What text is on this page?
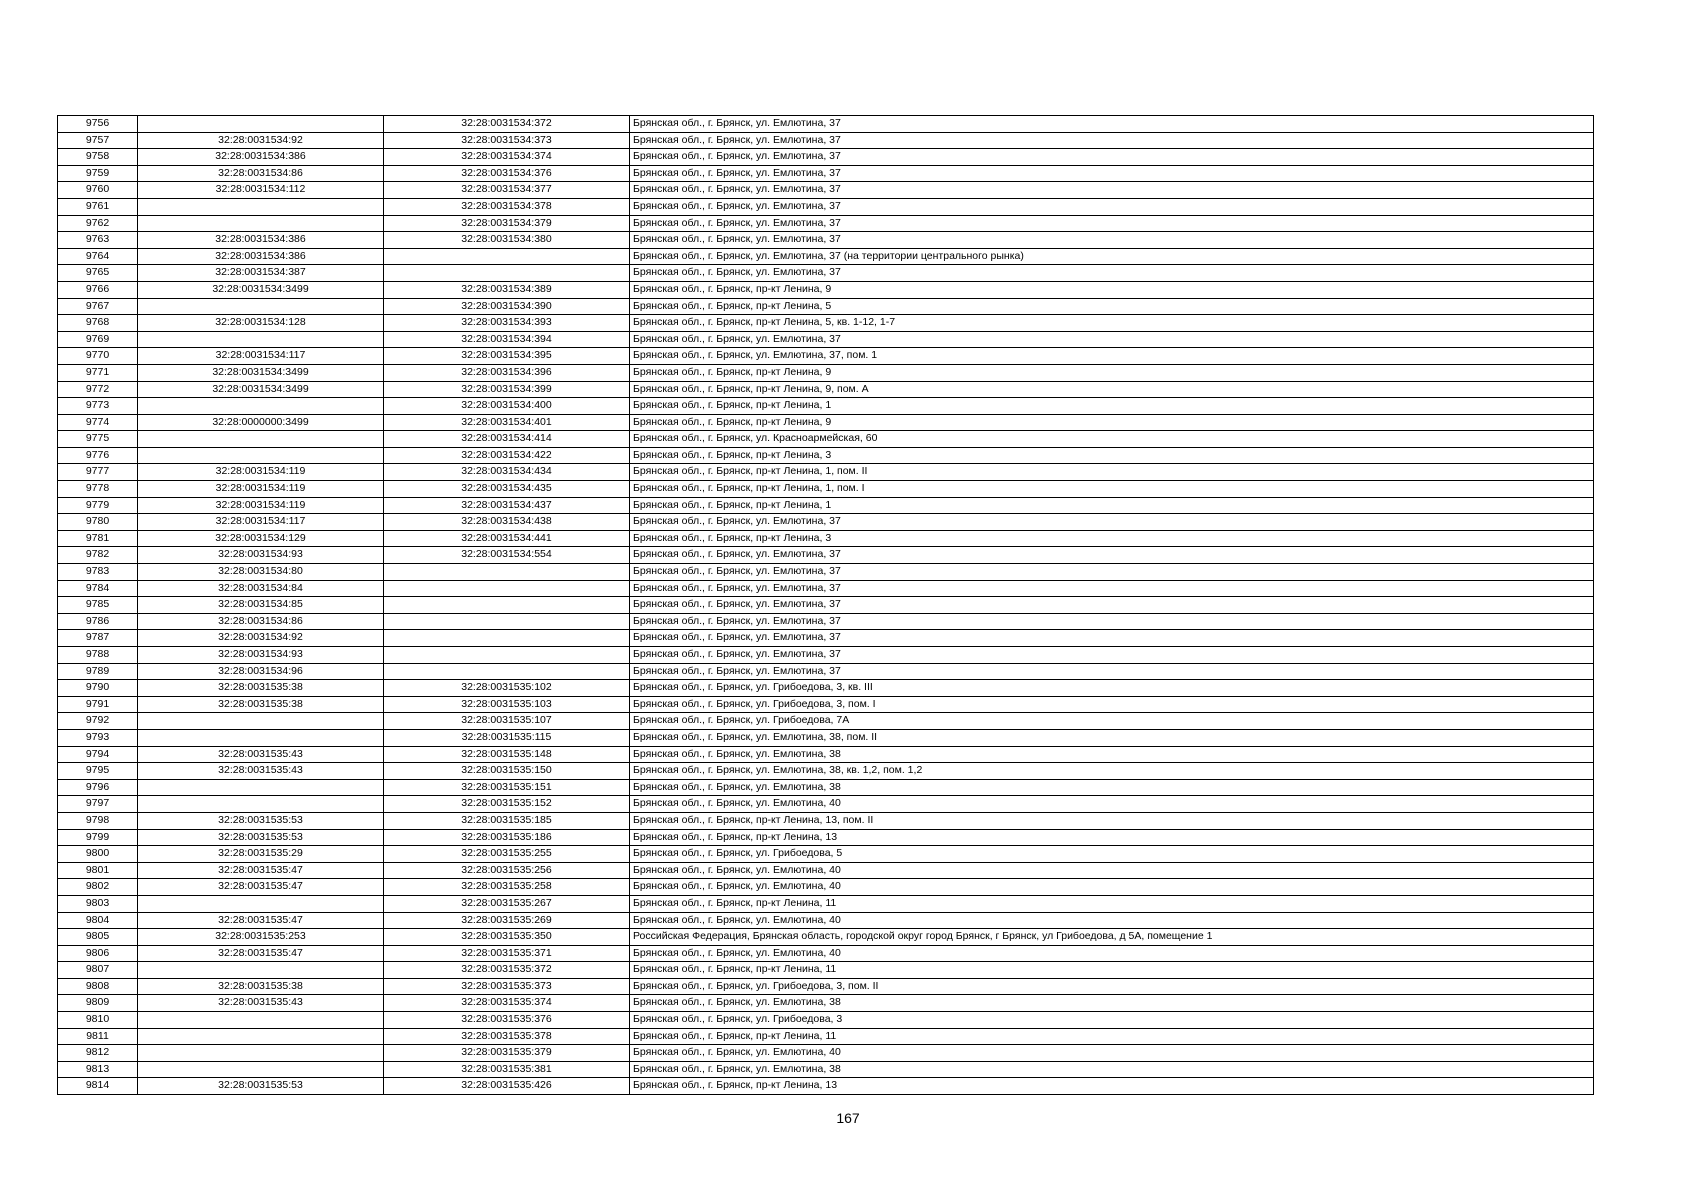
9756		32:28:0031534:372	Брянская обл., г. Брянск, ул. Емлютина, 37
9757	32:28:0031534:92	32:28:0031534:373	Брянская обл., г. Брянск, ул. Емлютина, 37
9758	32:28:0031534:386	32:28:0031534:374	Брянская обл., г. Брянск, ул. Емлютина, 37
9759	32:28:0031534:86	32:28:0031534:376	Брянская обл., г. Брянск, ул. Емлютина, 37
9760	32:28:0031534:112	32:28:0031534:377	Брянская обл., г. Брянск, ул. Емлютина, 37
9761		32:28:0031534:378	Брянская обл., г. Брянск, ул. Емлютина, 37
9762		32:28:0031534:379	Брянская обл., г. Брянск, ул. Емлютина, 37
9763	32:28:0031534:386	32:28:0031534:380	Брянская обл., г. Брянск, ул. Емлютина, 37
9764	32:28:0031534:386		Брянская обл., г. Брянск, ул. Емлютина, 37 (на территории центрального рынка)
9765	32:28:0031534:387		Брянская обл., г. Брянск, ул. Емлютина, 37
9766	32:28:0031534:3499	32:28:0031534:389	Брянская обл., г. Брянск, пр-кт Ленина, 9
9767		32:28:0031534:390	Брянская обл., г. Брянск, пр-кт Ленина, 5
9768	32:28:0031534:128	32:28:0031534:393	Брянская обл., г. Брянск, пр-кт Ленина, 5, кв. 1-12, 1-7
9769		32:28:0031534:394	Брянская обл., г. Брянск, ул. Емлютина, 37
9770	32:28:0031534:117	32:28:0031534:395	Брянская обл., г. Брянск, ул. Емлютина, 37, пом. 1
9771	32:28:0031534:3499	32:28:0031534:396	Брянская обл., г. Брянск, пр-кт Ленина, 9
9772	32:28:0031534:3499	32:28:0031534:399	Брянская обл., г. Брянск, пр-кт Ленина, 9, пом. А
9773		32:28:0031534:400	Брянская обл., г. Брянск, пр-кт Ленина, 1
9774	32:28:0000000:3499	32:28:0031534:401	Брянская обл., г. Брянск, пр-кт Ленина, 9
9775		32:28:0031534:414	Брянская обл., г. Брянск, ул. Красноармейская, 60
9776		32:28:0031534:422	Брянская обл., г. Брянск, пр-кт Ленина, 3
9777	32:28:0031534:119	32:28:0031534:434	Брянская обл., г. Брянск, пр-кт Ленина, 1, пом. II
9778	32:28:0031534:119	32:28:0031534:435	Брянская обл., г. Брянск, пр-кт Ленина, 1, пом. I
9779	32:28:0031534:119	32:28:0031534:437	Брянская обл., г. Брянск, пр-кт Ленина, 1
9780	32:28:0031534:117	32:28:0031534:438	Брянская обл., г. Брянск, ул. Емлютина, 37
9781	32:28:0031534:129	32:28:0031534:441	Брянская обл., г. Брянск, пр-кт Ленина, 3
9782	32:28:0031534:93	32:28:0031534:554	Брянская обл., г. Брянск, ул. Емлютина, 37
9783	32:28:0031534:80		Брянская обл., г. Брянск, ул. Емлютина, 37
9784	32:28:0031534:84		Брянская обл., г. Брянск, ул. Емлютина, 37
9785	32:28:0031534:85		Брянская обл., г. Брянск, ул. Емлютина, 37
9786	32:28:0031534:86		Брянская обл., г. Брянск, ул. Емлютина, 37
9787	32:28:0031534:92		Брянская обл., г. Брянск, ул. Емлютина, 37
9788	32:28:0031534:93		Брянская обл., г. Брянск, ул. Емлютина, 37
9789	32:28:0031534:96		Брянская обл., г. Брянск, ул. Емлютина, 37
9790	32:28:0031535:38	32:28:0031535:102	Брянская обл., г. Брянск, ул. Грибоедова, 3, кв. III
9791	32:28:0031535:38	32:28:0031535:103	Брянская обл., г. Брянск, ул. Грибоедова, 3, пом. I
9792		32:28:0031535:107	Брянская обл., г. Брянск, ул. Грибоедова, 7А
9793		32:28:0031535:115	Брянская обл., г. Брянск, ул. Емлютина, 38, пом. II
9794	32:28:0031535:43	32:28:0031535:148	Брянская обл., г. Брянск, ул. Емлютина, 38
9795	32:28:0031535:43	32:28:0031535:150	Брянская обл., г. Брянск, ул. Емлютина, 38, кв. 1,2, пом. 1,2
9796		32:28:0031535:151	Брянская обл., г. Брянск, ул. Емлютина, 38
9797		32:28:0031535:152	Брянская обл., г. Брянск, ул. Емлютина, 40
9798	32:28:0031535:53	32:28:0031535:185	Брянская обл., г. Брянск, пр-кт Ленина, 13, пом. II
9799	32:28:0031535:53	32:28:0031535:186	Брянская обл., г. Брянск, пр-кт Ленина, 13
9800	32:28:0031535:29	32:28:0031535:255	Брянская обл., г. Брянск, ул. Грибоедова, 5
9801	32:28:0031535:47	32:28:0031535:256	Брянская обл., г. Брянск, ул. Емлютина, 40
9802	32:28:0031535:47	32:28:0031535:258	Брянская обл., г. Брянск, ул. Емлютина, 40
9803		32:28:0031535:267	Брянская обл., г. Брянск, пр-кт Ленина, 11
9804	32:28:0031535:47	32:28:0031535:269	Брянская обл., г. Брянск, ул. Емлютина, 40
9805	32:28:0031535:253	32:28:0031535:350	Российская Федерация, Брянская область, городской округ город Брянск, г Брянск, ул Грибоедова, д 5А, помещение 1
9806	32:28:0031535:47	32:28:0031535:371	Брянская обл., г. Брянск, ул. Емлютина, 40
9807		32:28:0031535:372	Брянская обл., г. Брянск, пр-кт Ленина, 11
9808	32:28:0031535:38	32:28:0031535:373	Брянская обл., г. Брянск, ул. Грибоедова, 3, пом. II
9809	32:28:0031535:43	32:28:0031535:374	Брянская обл., г. Брянск, ул. Емлютина, 38
9810		32:28:0031535:376	Брянская обл., г. Брянск, ул. Грибоедова, 3
9811		32:28:0031535:378	Брянская обл., г. Брянск, пр-кт Ленина, 11
9812		32:28:0031535:379	Брянская обл., г. Брянск, ул. Емлютина, 40
9813		32:28:0031535:381	Брянская обл., г. Брянск, ул. Емлютина, 38
9814	32:28:0031535:53	32:28:0031535:426	Брянская обл., г. Брянск, пр-кт Ленина, 13
167
